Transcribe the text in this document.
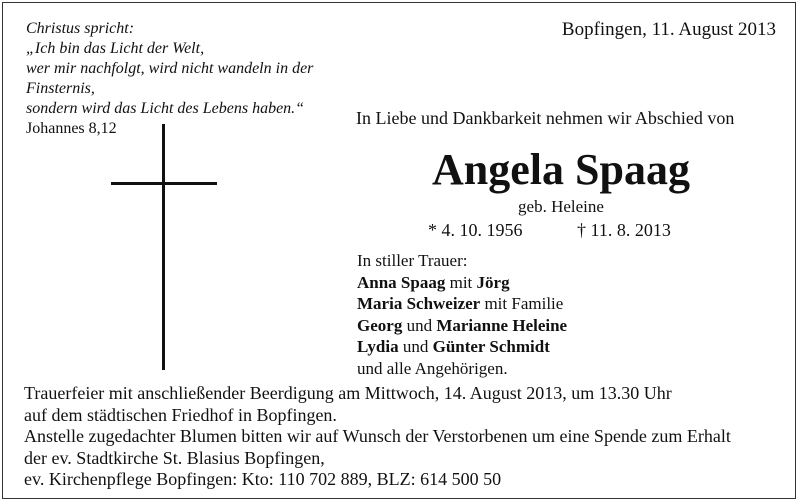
Christus spricht:
„Ich bin das Licht der Welt,
wer mir nachfolgt, wird nicht wandeln in der Finsternis,
sondern wird das Licht des Lebens haben.“
Johannes 8,12
Bopfingen, 11. August 2013
In Liebe und Dankbarkeit nehmen wir Abschied von
Angela Spaag
geb. Heleine
* 4. 10. 1956	† 11. 8. 2013
In stiller Trauer:
Anna Spaag mit Jörg
Maria Schweizer mit Familie
Georg und Marianne Heleine
Lydia und Günter Schmidt
und alle Angehörigen.
Trauerfeier mit anschließender Beerdigung am Mittwoch, 14. August 2013, um 13.30 Uhr
auf dem städtischen Friedhof in Bopfingen.
Anstelle zugedachter Blumen bitten wir auf Wunsch der Verstorbenen um eine Spende zum Erhalt
der ev. Stadtkirche St. Blasius Bopfingen,
ev. Kirchenpflege Bopfingen: Kto: 110 702 889, BLZ: 614 500 50
